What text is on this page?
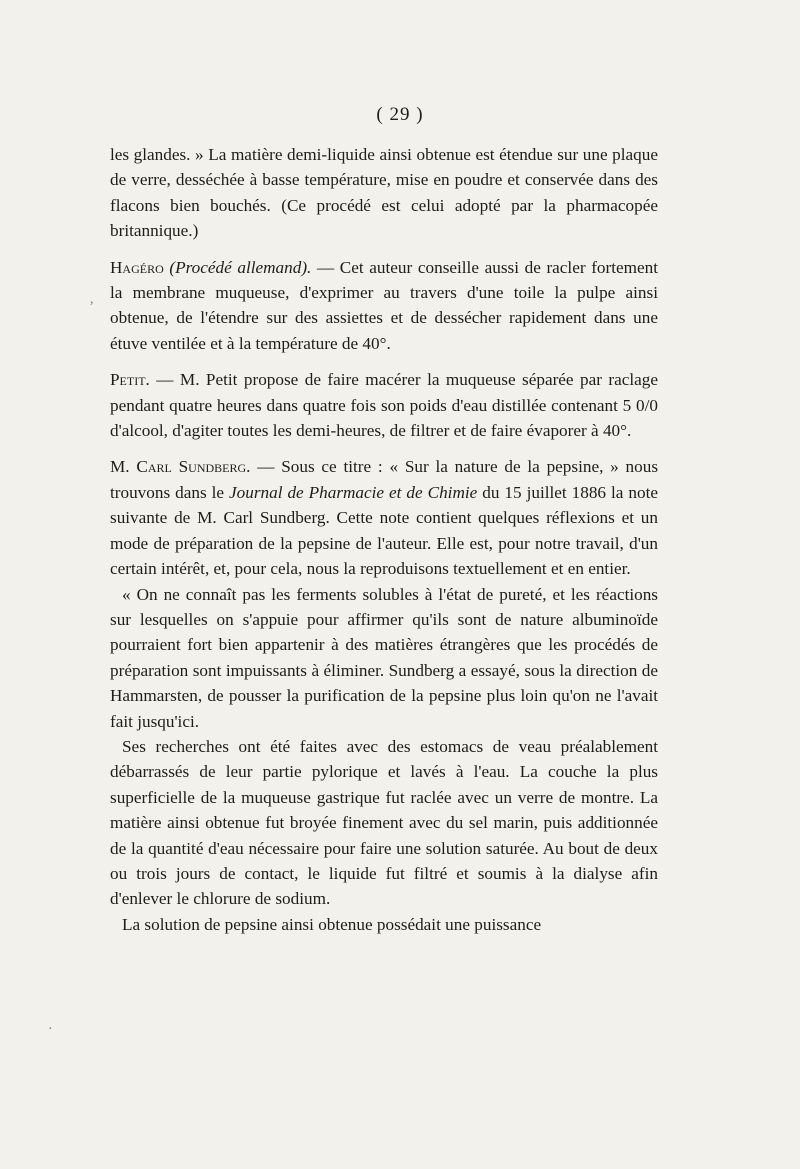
( 29 )

les glandes. » La matière demi-liquide ainsi obtenue est étendue sur une plaque de verre, desséchée à basse température, mise en poudre et conservée dans des flacons bien bouchés. (Ce procédé est celui adopté par la pharmacopée britannique.)

Hagéro (Procédé allemand). — Cet auteur conseille aussi de racler fortement la membrane muqueuse, d'exprimer au travers d'une toile la pulpe ainsi obtenue, de l'étendre sur des assiettes et de dessécher rapidement dans une étuve ventilée et à la température de 40°.

Petit. — M. Petit propose de faire macérer la muqueuse séparée par raclage pendant quatre heures dans quatre fois son poids d'eau distillée contenant 5 0/0 d'alcool, d'agiter toutes les demi-heures, de filtrer et de faire évaporer à 40°.

M. Carl Sundberg. — Sous ce titre : « Sur la nature de la pepsine, » nous trouvons dans le Journal de Pharmacie et de Chimie du 15 juillet 1886 la note suivante de M. Carl Sundberg. Cette note contient quelques réflexions et un mode de préparation de la pepsine de l'auteur. Elle est, pour notre travail, d'un certain intérêt, et, pour cela, nous la reproduisons textuellement et en entier.

« On ne connaît pas les ferments solubles à l'état de pureté, et les réactions sur lesquelles on s'appuie pour affirmer qu'ils sont de nature albuminoïde pourraient fort bien appartenir à des matières étrangères que les procédés de préparation sont impuissants à éliminer. Sundberg a essayé, sous la direction de Hammarsten, de pousser la purification de la pepsine plus loin qu'on ne l'avait fait jusqu'ici.

Ses recherches ont été faites avec des estomacs de veau préalablement débarrassés de leur partie pylorique et lavés à l'eau. La couche la plus superficielle de la muqueuse gastrique fut raclée avec un verre de montre. La matière ainsi obtenue fut broyée finement avec du sel marin, puis additionnée de la quantité d'eau nécessaire pour faire une solution saturée. Au bout de deux ou trois jours de contact, le liquide fut filtré et soumis à la dialyse afin d'enlever le chlorure de sodium.

La solution de pepsine ainsi obtenue possédait une puissance

,
·
